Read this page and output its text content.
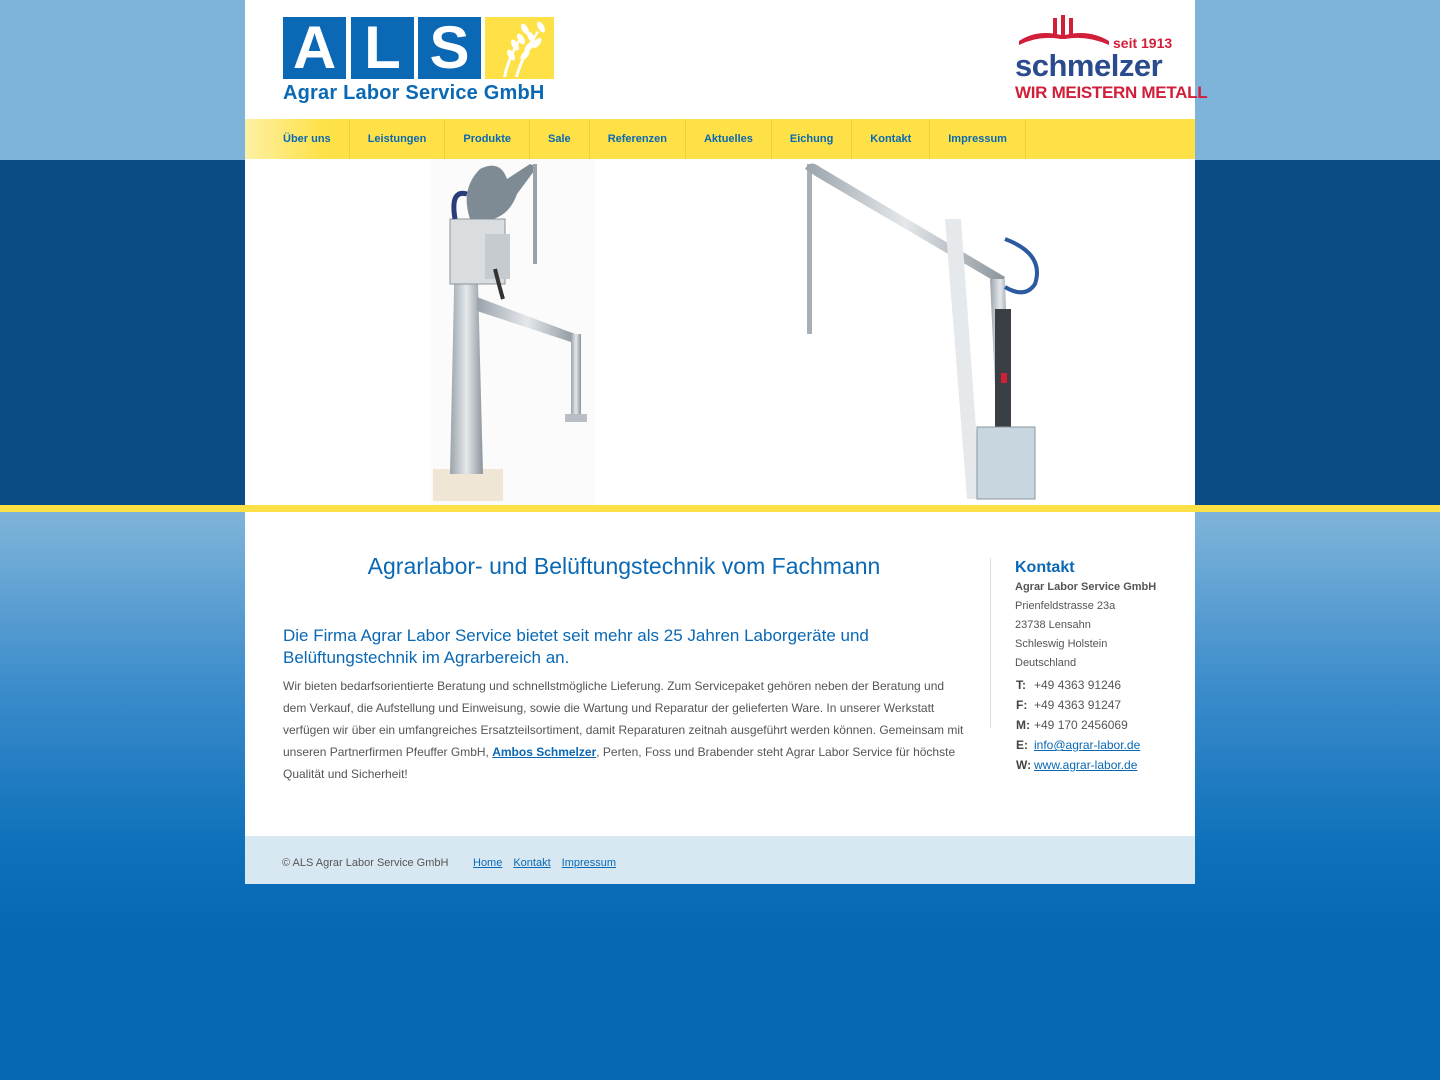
A L S
Agrar Labor Service GmbH
seit 1913
schmelzer
WIR MEISTERN METALL
Über uns	Leistungen	Produkte	Sale	Referenzen	Aktuelles	Eichung	Kontakt	Impressum
Agrarlabor- und Belüftungstechnik vom Fachmann
Die Firma Agrar Labor Service bietet seit mehr als 25 Jahren Laborgeräte und Belüftungstechnik im Agrarbereich an.

Wir bieten bedarfsorientierte Beratung und schnellstmögliche Lieferung. Zum Servicepaket gehören neben der Beratung und dem Verkauf, die Aufstellung und Einweisung, sowie die Wartung und Reparatur der gelieferten Ware. In unserer Werkstatt verfügen wir über ein umfangreiches Ersatzteilsortiment, damit Reparaturen zeitnah ausgeführt werden können. Gemeinsam mit unseren Partnerfirmen Pfeuffer GmbH, Ambos Schmelzer, Perten, Foss und Brabender steht Agrar Labor Service für höchste Qualität und Sicherheit!

Kontakt
Agrar Labor Service GmbH
Prienfeldstrasse 23a
23738 Lensahn
Schleswig Holstein
Deutschland
T:	+49 4363 91246
F:	+49 4363 91247
M:	+49 170 2456069
E:	info@agrar-labor.de
W:	www.agrar-labor.de
© ALS Agrar Labor Service GmbH Home Kontakt Impressum
